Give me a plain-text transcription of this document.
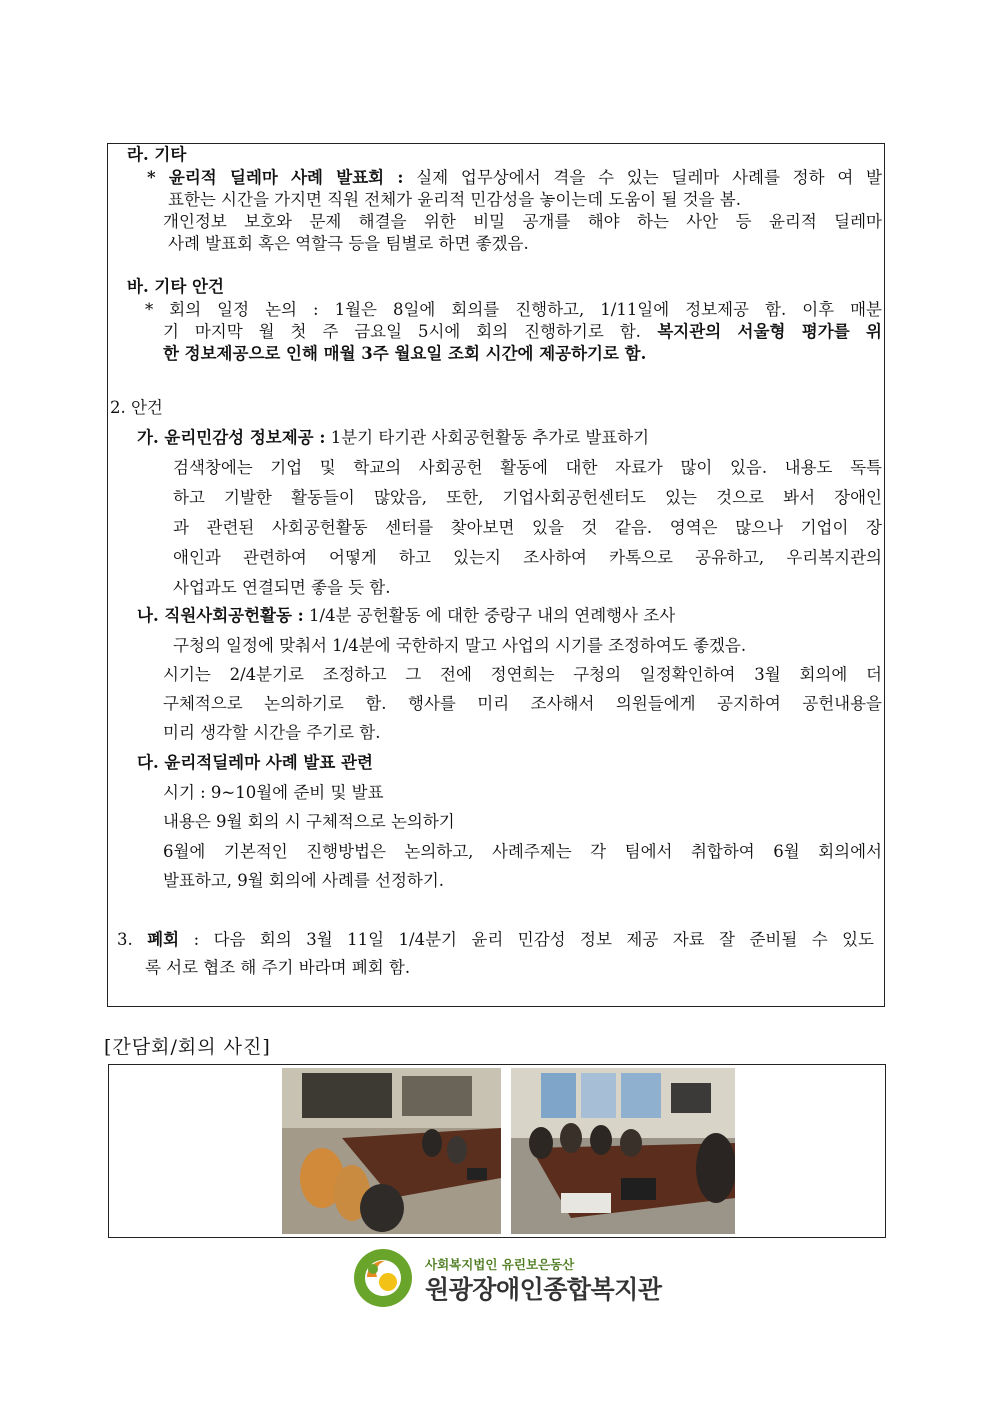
라. 기타
* 윤리적 딜레마 사례 발표회 : 실제 업무상에서 격을 수 있는 딜레마 사례를 정하 여 발
표한는 시간을 가지면 직원 전체가 윤리적 민감성을 놓이는데 도움이 될 것을 봄.
개인정보 보호와 문제 해결을 위한 비밀 공개를 해야 하는 사안 등 윤리적 딜레마
사례 발표회 혹은 역할극 등을 팀별로 하면 좋겠음.
바. 기타 안건
* 회의 일정 논의 : 1월은 8일에 회의를 진행하고, 1/11일에 정보제공 함. 이후 매분
기 마지막 월 첫 주 금요일 5시에 회의 진행하기로 함. 복지관의 서울형 평가를 위
한 정보제공으로 인해 매월 3주 월요일 조회 시간에 제공하기로 함.
2. 안건
가. 윤리민감성 정보제공 : 1분기 타기관 사회공헌활동 추가로 발표하기
검색창에는 기업 및 학교의 사회공헌 활동에 대한 자료가 많이 있음. 내용도 독특
하고 기발한 활동들이 많았음, 또한, 기업사회공헌센터도 있는 것으로 봐서 장애인
과 관련된 사회공헌활동 센터를 찾아보면 있을 것 같음. 영역은 많으나 기업이 장
애인과 관련하여 어떻게 하고 있는지 조사하여 카톡으로 공유하고, 우리복지관의
사업과도 연결되면 좋을 듯 함.
나. 직원사회공헌활동 : 1/4분 공헌활동 에 대한 중랑구 내의 연례행사 조사
구청의 일정에 맞춰서 1/4분에 국한하지 말고 사업의 시기를 조정하여도 좋겠음.
시기는 2/4분기로 조정하고 그 전에 정연희는 구청의 일정확인하여 3월 회의에 더
구체적으로 논의하기로 함. 행사를 미리 조사해서 의원들에게 공지하여 공헌내용을
미리 생각할 시간을 주기로 함.
다. 윤리적딜레마 사례 발표 관련
시기 : 9~10월에 준비 및 발표
내용은 9월 회의 시 구체적으로 논의하기
6월에 기본적인 진행방법은 논의하고, 사례주제는 각 팀에서 취합하여 6월 회의에서
발표하고, 9월 회의에 사례를 선정하기.
3. 폐회 : 다음 회의 3월 11일 1/4분기 윤리 민감성 정보 제공 자료 잘 준비될 수 있도
록 서로 협조 해 주기 바라며 폐회 함.
[간담회/회의 사진]
사회복지법인 유린보은동산
원광장애인종합복지관
